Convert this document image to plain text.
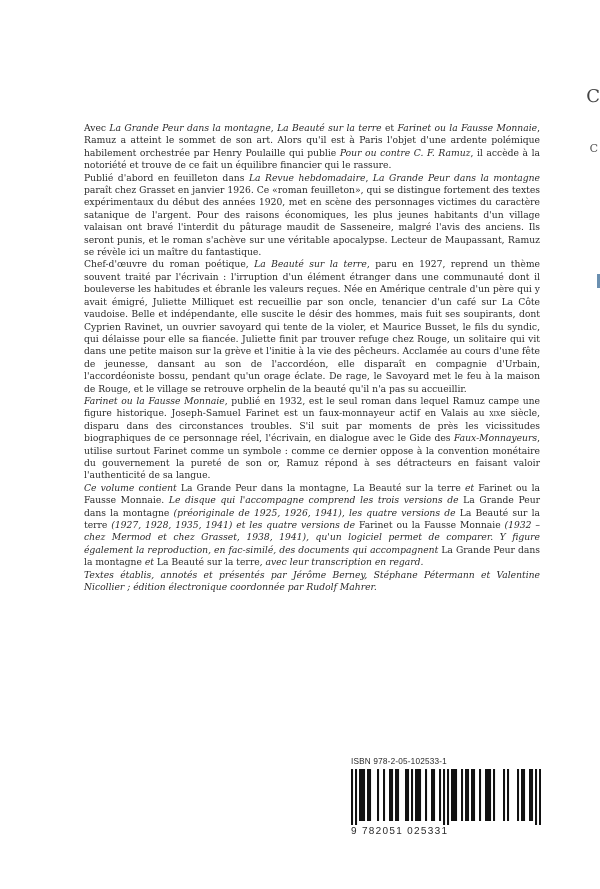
C
C

Avec La Grande Peur dans la montagne, La Beauté sur la terre et Farinet ou la Fausse Monnaie, Ramuz a atteint le sommet de son art. Alors qu'il est à Paris l'objet d'une ardente polémique habilement orchestrée par Henry Poulaille qui publie Pour ou contre C. F. Ramuz, il accède à la notoriété et trouve de ce fait un équilibre financier qui le rassure.

Publié d'abord en feuilleton dans La Revue hebdomadaire, La Grande Peur dans la montagne paraît chez Grasset en janvier 1926. Ce «roman feuilleton», qui se distingue fortement des textes expérimentaux du début des années 1920, met en scène des personnages victimes du caractère satanique de l'argent. Pour des raisons économiques, les plus jeunes habitants d'un village valaisan ont bravé l'interdit du pâturage maudit de Sasseneire, malgré l'avis des anciens. Ils seront punis, et le roman s'achève sur une véritable apocalypse. Lecteur de Maupassant, Ramuz se révèle ici un maître du fantastique.

Chef-d'œuvre du roman poétique, La Beauté sur la terre, paru en 1927, reprend un thème souvent traité par l'écrivain : l'irruption d'un élément étranger dans une communauté dont il bouleverse les habitudes et ébranle les valeurs reçues. Née en Amérique centrale d'un père qui y avait émigré, Juliette Milliquet est recueillie par son oncle, tenancier d'un café sur La Côte vaudoise. Belle et indépendante, elle suscite le désir des hommes, mais fuit ses soupirants, dont Cyprien Ravinet, un ouvrier savoyard qui tente de la violer, et Maurice Busset, le fils du syndic, qui délaisse pour elle sa fiancée. Juliette finit par trouver refuge chez Rouge, un solitaire qui vit dans une petite maison sur la grève et l'initie à la vie des pêcheurs. Acclamée au cours d'une fête de jeunesse, dansant au son de l'accordéon, elle disparaît en compagnie d'Urbain, l'accordéoniste bossu, pendant qu'un orage éclate. De rage, le Savoyard met le feu à la maison de Rouge, et le village se retrouve orphelin de la beauté qu'il n'a pas su accueillir.

Farinet ou la Fausse Monnaie, publié en 1932, est le seul roman dans lequel Ramuz campe une figure historique. Joseph-Samuel Farinet est un faux-monnayeur actif en Valais au xixe siècle, disparu dans des circonstances troubles. S'il suit par moments de près les vicissitudes biographiques de ce personnage réel, l'écrivain, en dialogue avec le Gide des Faux-Monnayeurs, utilise surtout Farinet comme un symbole : comme ce dernier oppose à la convention monétaire du gouvernement la pureté de son or, Ramuz répond à ses détracteurs en faisant valoir l'authenticité de sa langue.

Ce volume contient La Grande Peur dans la montagne, La Beauté sur la terre et Farinet ou la Fausse Monnaie. Le disque qui l'accompagne comprend les trois versions de La Grande Peur dans la montagne (préoriginale de 1925, 1926, 1941), les quatre versions de La Beauté sur la terre (1927, 1928, 1935, 1941) et les quatre versions de Farinet ou la Fausse Monnaie (1932 – chez Mermod et chez Grasset, 1938, 1941), qu'un logiciel permet de comparer. Y figure également la reproduction, en fac-similé, des documents qui accompagnent La Grande Peur dans la montagne et La Beauté sur la terre, avec leur transcription en regard.

Textes établis, annotés et présentés par Jérôme Berney, Stéphane Pétermann et Valentine Nicollier ; édition électronique coordonnée par Rudolf Mahrer.

ISBN 978-2-05-102533-1
9 782051 025331
